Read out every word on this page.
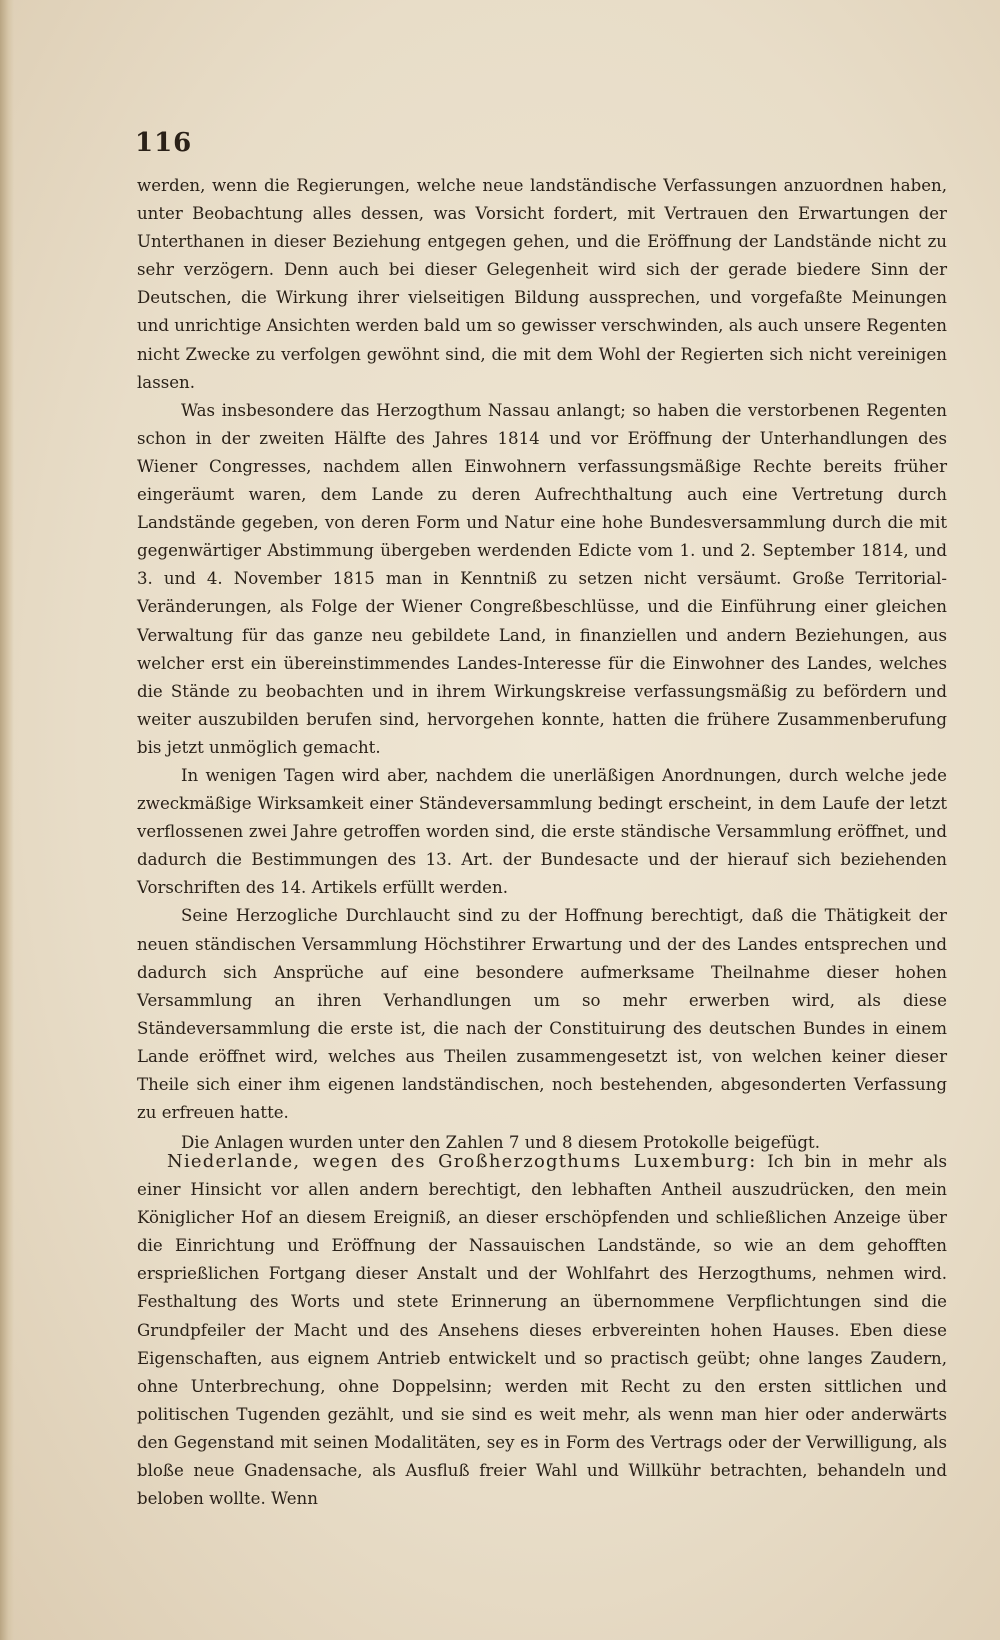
116

werden, wenn die Regierungen, welche neue landständische Verfassungen anzuordnen haben, unter Beobachtung alles dessen, was Vorsicht fordert, mit Vertrauen den Erwartungen der Unterthanen in dieser Beziehung entgegen gehen, und die Eröffnung der Landstände nicht zu sehr verzögern. Denn auch bei dieser Gelegenheit wird sich der gerade biedere Sinn der Deutschen, die Wirkung ihrer vielseitigen Bildung aussprechen, und vorgefaßte Meinungen und unrichtige Ansichten werden bald um so gewisser verschwinden, als auch unsere Regenten nicht Zwecke zu verfolgen gewöhnt sind, die mit dem Wohl der Regierten sich nicht vereinigen lassen.

Was insbesondere das Herzogthum Nassau anlangt; so haben die verstorbenen Regenten schon in der zweiten Hälfte des Jahres 1814 und vor Eröffnung der Unterhandlungen des Wiener Congresses, nachdem allen Einwohnern verfassungsmäßige Rechte bereits früher eingeräumt waren, dem Lande zu deren Aufrechthaltung auch eine Vertretung durch Landstände gegeben, von deren Form und Natur eine hohe Bundesversammlung durch die mit gegenwärtiger Abstimmung übergeben werdenden Edicte vom 1. und 2. September 1814, und 3. und 4. November 1815 man in Kenntniß zu setzen nicht versäumt. Große Territorial-Veränderungen, als Folge der Wiener Congreßbeschlüsse, und die Einführung einer gleichen Verwaltung für das ganze neu gebildete Land, in finanziellen und andern Beziehungen, aus welcher erst ein übereinstimmendes Landes-Interesse für die Einwohner des Landes, welches die Stände zu beobachten und in ihrem Wirkungskreise verfassungsmäßig zu befördern und weiter auszubilden berufen sind, hervorgehen konnte, hatten die frühere Zusammenberufung bis jetzt unmöglich gemacht.

In wenigen Tagen wird aber, nachdem die unerläßigen Anordnungen, durch welche jede zweckmäßige Wirksamkeit einer Ständeversammlung bedingt erscheint, in dem Laufe der letzt verflossenen zwei Jahre getroffen worden sind, die erste ständische Versammlung eröffnet, und dadurch die Bestimmungen des 13. Art. der Bundesacte und der hierauf sich beziehenden Vorschriften des 14. Artikels erfüllt werden.

Seine Herzogliche Durchlaucht sind zu der Hoffnung berechtigt, daß die Thätigkeit der neuen ständischen Versammlung Höchstihrer Erwartung und der des Landes entsprechen und dadurch sich Ansprüche auf eine besondere aufmerksame Theilnahme dieser hohen Versammlung an ihren Verhandlungen um so mehr erwerben wird, als diese Ständeversammlung die erste ist, die nach der Constituirung des deutschen Bundes in einem Lande eröffnet wird, welches aus Theilen zusammengesetzt ist, von welchen keiner dieser Theile sich einer ihm eigenen landständischen, noch bestehenden, abgesonderten Verfassung zu erfreuen hatte.

Die Anlagen wurden unter den Zahlen 7 und 8 diesem Protokolle beigefügt.

Niederlande, wegen des Großherzogthums Luxemburg: Ich bin in mehr als einer Hinsicht vor allen andern berechtigt, den lebhaften Antheil auszudrücken, den mein Königlicher Hof an diesem Ereigniß, an dieser erschöpfenden und schließlichen Anzeige über die Einrichtung und Eröffnung der Nassauischen Landstände, so wie an dem gehofften ersprießlichen Fortgang dieser Anstalt und der Wohlfahrt des Herzogthums, nehmen wird. Festhaltung des Worts und stete Erinnerung an übernommene Verpflichtungen sind die Grundpfeiler der Macht und des Ansehens dieses erbvereinten hohen Hauses. Eben diese Eigenschaften, aus eignem Antrieb entwickelt und so practisch geübt; ohne langes Zaudern, ohne Unterbrechung, ohne Doppelsinn; werden mit Recht zu den ersten sittlichen und politischen Tugenden gezählt, und sie sind es weit mehr, als wenn man hier oder anderwärts den Gegenstand mit seinen Modalitäten, sey es in Form des Vertrags oder der Verwilligung, als bloße neue Gnadensache, als Ausfluß freier Wahl und Willkühr betrachten, behandeln und beloben wollte. Wenn
